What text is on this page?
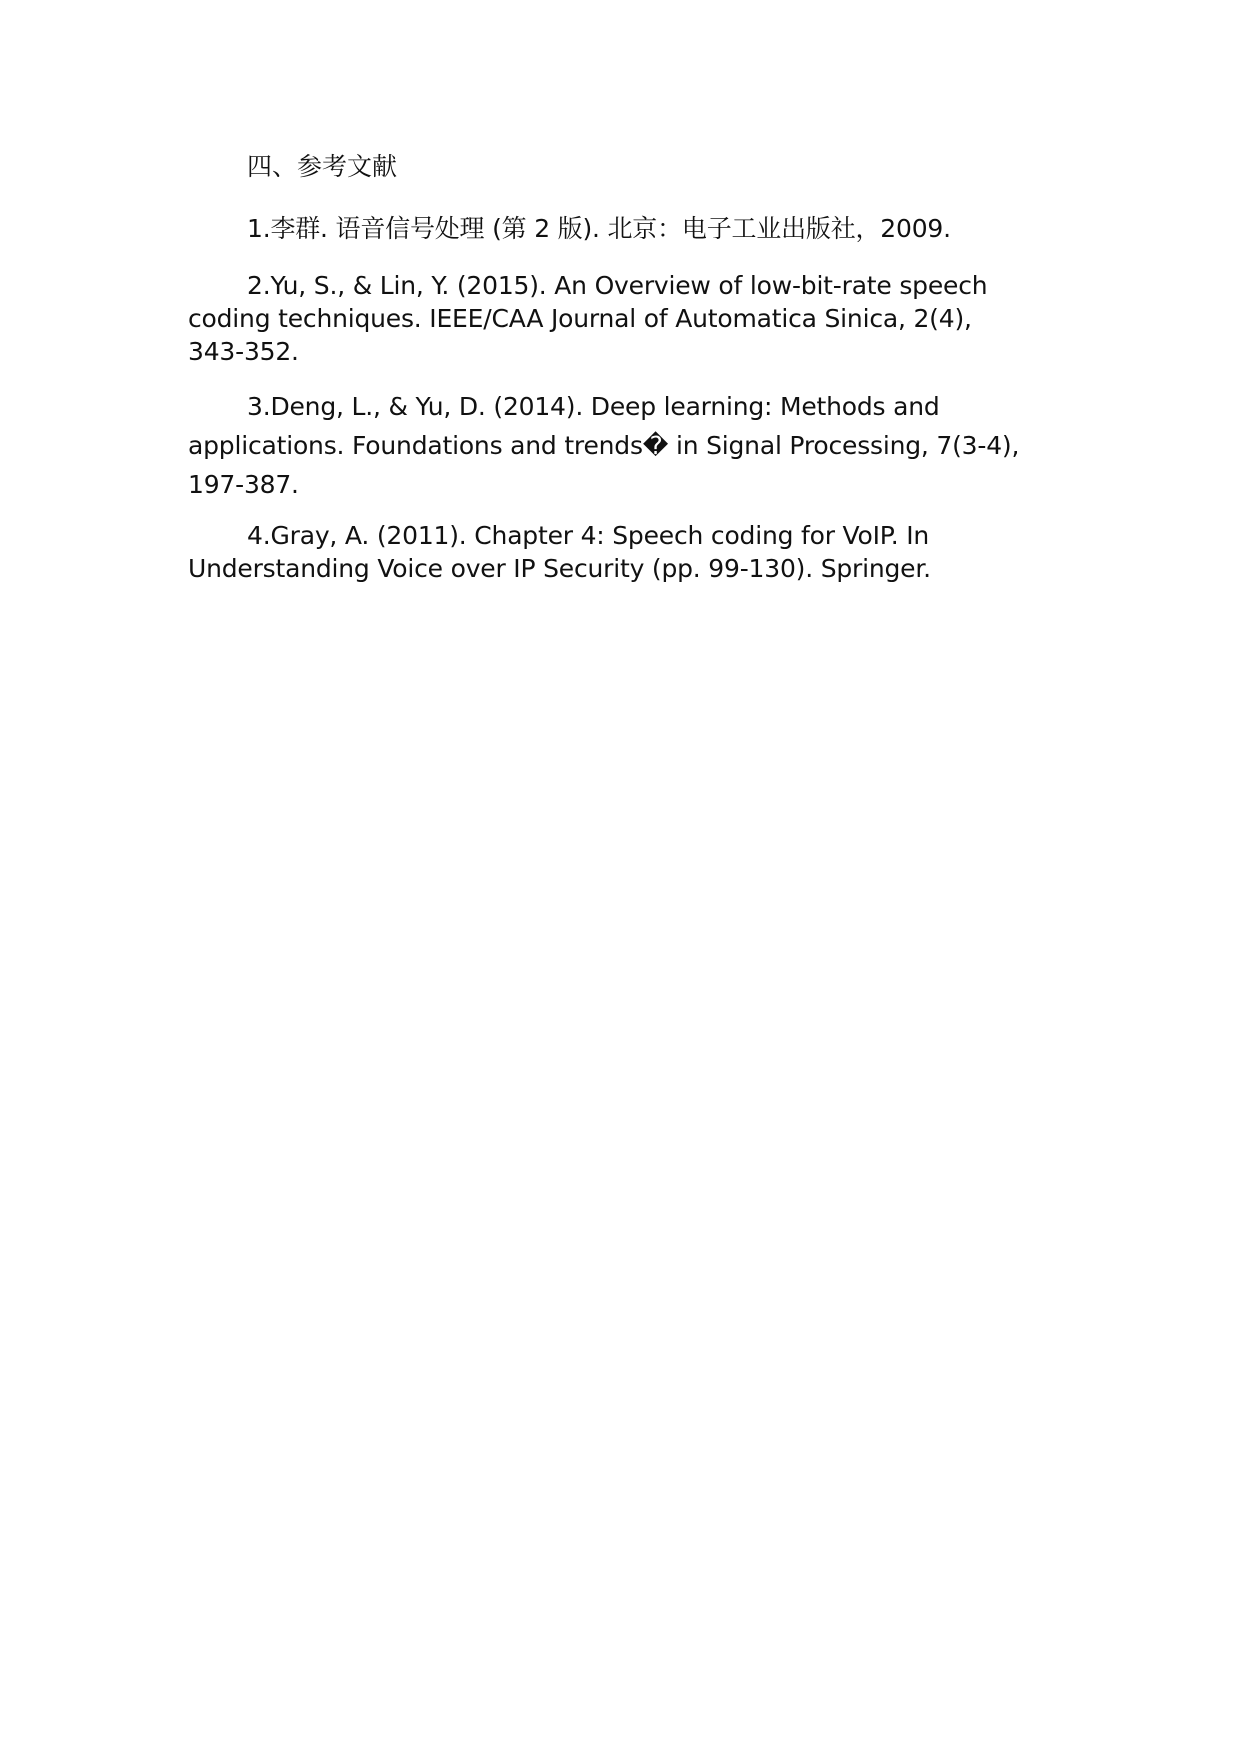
四、参考文献

1.李群. 语音信号处理 (第 2 版). 北京：电子工业出版社，2009.

2.Yu, S., & Lin, Y. (2015). An Overview of low-bit-rate speech coding techniques. IEEE/CAA Journal of Automatica Sinica, 2(4), 343-352.

3.Deng, L., & Yu, D. (2014). Deep learning: Methods and applications. Foundations and trends� in Signal Processing, 7(3-4), 197-387.

4.Gray, A. (2011). Chapter 4: Speech coding for VoIP. In Understanding Voice over IP Security (pp. 99-130). Springer.
